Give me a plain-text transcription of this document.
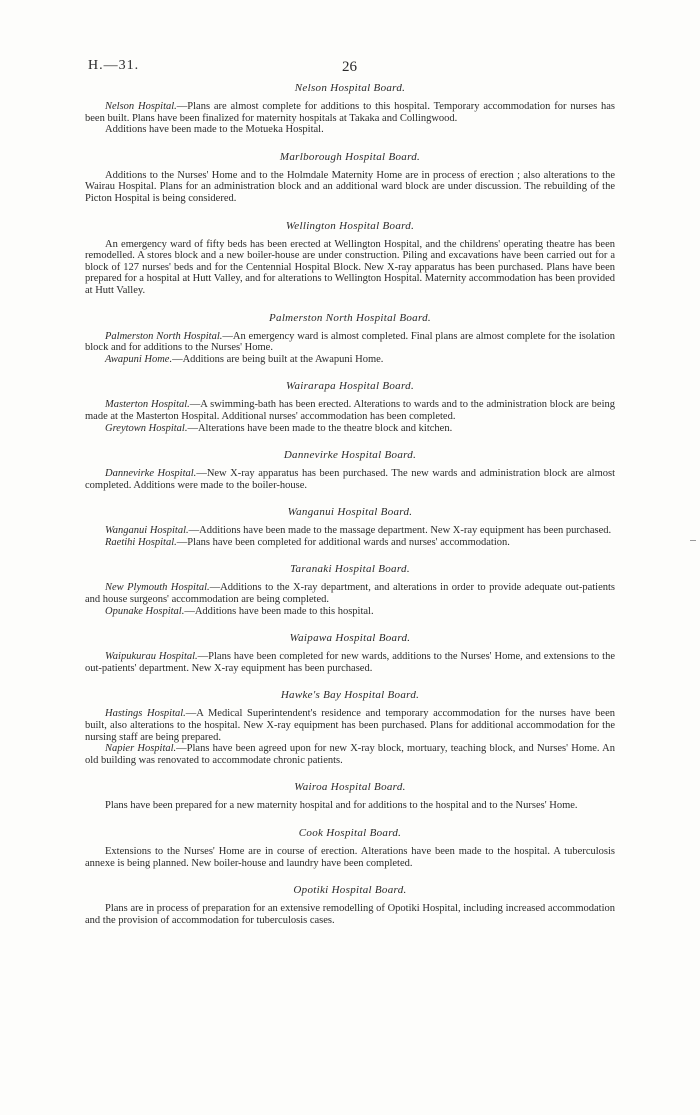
H.—31.	26
Nelson Hospital Board.

Nelson Hospital.—Plans are almost complete for additions to this hospital. Temporary accommodation for nurses has been built. Plans have been finalized for maternity hospitals at Takaka and Collingwood.

Additions have been made to the Motueka Hospital.

Marlborough Hospital Board.

Additions to the Nurses' Home and to the Holmdale Maternity Home are in process of erection ; also alterations to the Wairau Hospital. Plans for an administration block and an additional ward block are under discussion. The rebuilding of the Picton Hospital is being considered.

Wellington Hospital Board.

An emergency ward of fifty beds has been erected at Wellington Hospital, and the childrens' operating theatre has been remodelled. A stores block and a new boiler-house are under construction. Piling and excavations have been carried out for a block of 127 nurses' beds and for the Centennial Hospital Block. New X-ray apparatus has been purchased. Plans have been prepared for a hospital at Hutt Valley, and for alterations to Wellington Hospital. Maternity accommodation has been provided at Hutt Valley.

Palmerston North Hospital Board.

Palmerston North Hospital.—An emergency ward is almost completed. Final plans are almost complete for the isolation block and for additions to the Nurses' Home.

Awapuni Home.—Additions are being built at the Awapuni Home.

Wairarapa Hospital Board.

Masterton Hospital.—A swimming-bath has been erected. Alterations to wards and to the administration block are being made at the Masterton Hospital. Additional nurses' accommodation has been completed.

Greytown Hospital.—Alterations have been made to the theatre block and kitchen.

Dannevirke Hospital Board.

Dannevirke Hospital.—New X-ray apparatus has been purchased. The new wards and administration block are almost completed. Additions were made to the boiler-house.

Wanganui Hospital Board.

Wanganui Hospital.—Additions have been made to the massage department. New X-ray equipment has been purchased.

Raetihi Hospital.—Plans have been completed for additional wards and nurses' accommodation.

Taranaki Hospital Board.

New Plymouth Hospital.—Additions to the X-ray department, and alterations in order to provide adequate out-patients and house surgeons' accommodation are being completed.

Opunake Hospital.—Additions have been made to this hospital.

Waipawa Hospital Board.

Waipukurau Hospital.—Plans have been completed for new wards, additions to the Nurses' Home, and extensions to the out-patients' department. New X-ray equipment has been purchased.

Hawke's Bay Hospital Board.

Hastings Hospital.—A Medical Superintendent's residence and temporary accommodation for the nurses have been built, also alterations to the hospital. New X-ray equipment has been purchased. Plans for additional accommodation for the nursing staff are being prepared.

Napier Hospital.—Plans have been agreed upon for new X-ray block, mortuary, teaching block, and Nurses' Home. An old building was renovated to accommodate chronic patients.

Wairoa Hospital Board.

Plans have been prepared for a new maternity hospital and for additions to the hospital and to the Nurses' Home.

Cook Hospital Board.

Extensions to the Nurses' Home are in course of erection. Alterations have been made to the hospital. A tuberculosis annexe is being planned. New boiler-house and laundry have been completed.

Opotiki Hospital Board.

Plans are in process of preparation for an extensive remodelling of Opotiki Hospital, including increased accommodation and the provision of accommodation for tuberculosis cases.
